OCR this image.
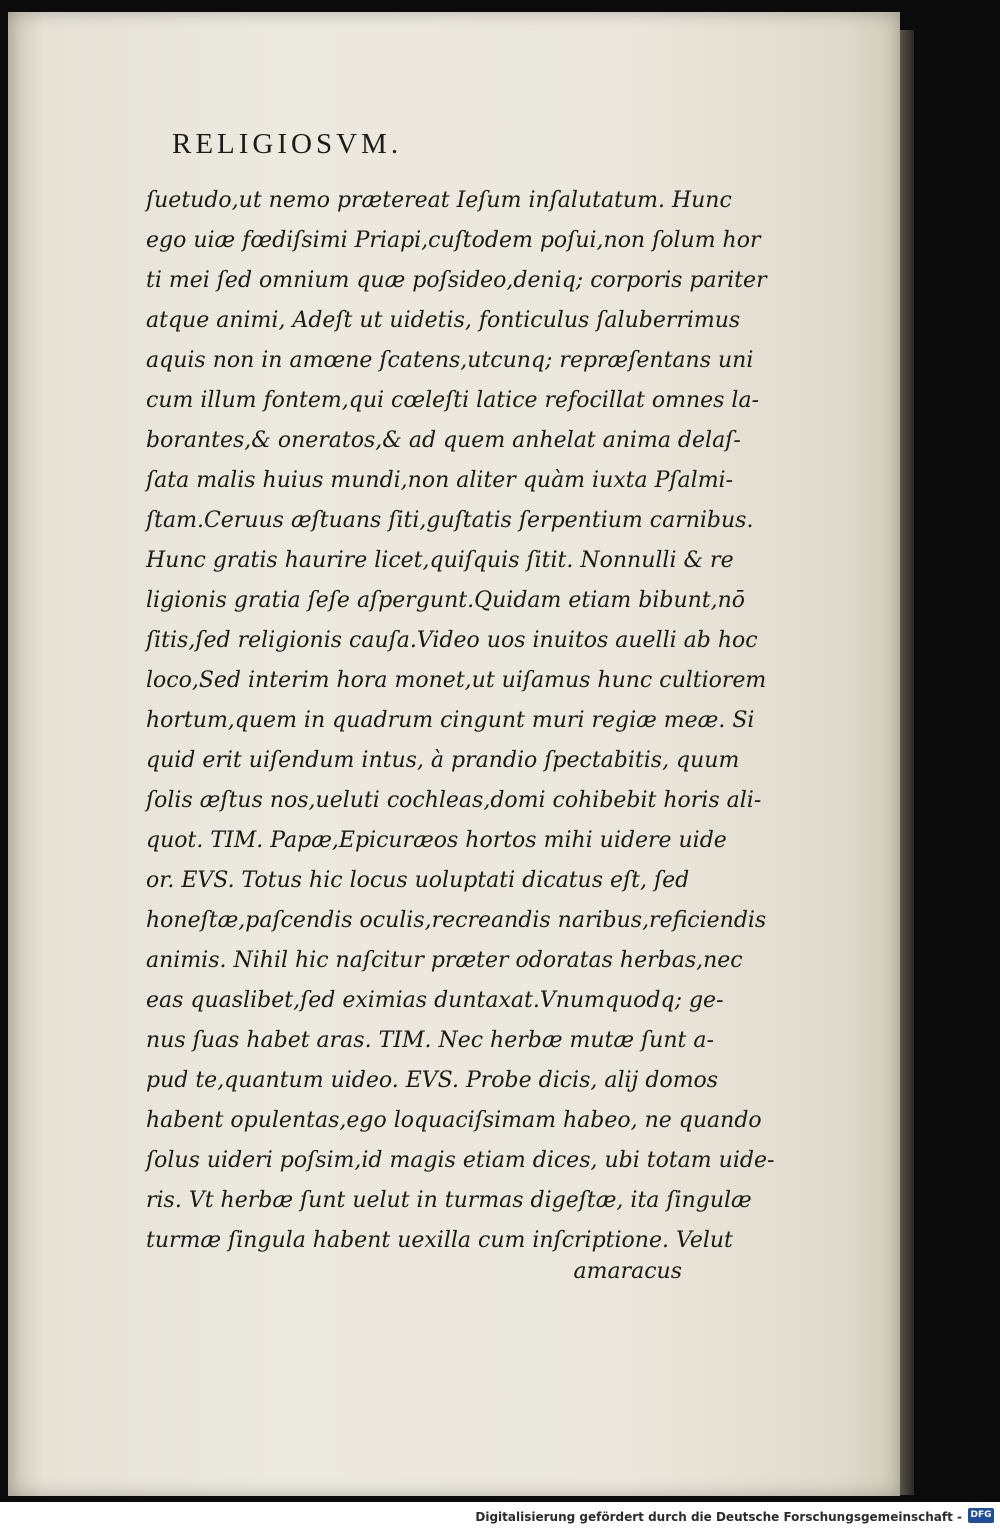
RELIGIOSVM.
ſuetudo,ut nemo prætereat Ieſum inſalutatum. Hunc
ego uiæ fœdiſsimi Priapi,cuſtodem poſui,non ſolum hor
ti mei ſed omnium quæ poſsideo,deniq; corporis pariter
atque animi, Adeſt ut uidetis, fonticulus ſaluberrimus
aquis non in amœne ſcatens,utcunq; repræſentans uni
cum illum fontem,qui cœleſti latice refocillat omnes la-
borantes,& oneratos,& ad quem anhelat anima delaſ-
ſata malis huius mundi,non aliter quàm iuxta Pſalmi-
ſtam.Ceruus æſtuans ſiti,guſtatis ſerpentium carnibus.
Hunc gratis haurire licet,quiſquis ſitit. Nonnulli & re
ligionis gratia ſeſe aſpergunt.Quidam etiam bibunt,nō
ſitis,ſed religionis cauſa.Video uos inuitos auelli ab hoc
loco,Sed interim hora monet,ut uiſamus hunc cultiorem
hortum,quem in quadrum cingunt muri regiæ meæ. Si
quid erit uiſendum intus, à prandio ſpectabitis, quum
ſolis æſtus nos,ueluti cochleas,domi cohibebit horis ali-
quot. TIM. Papæ,Epicuræos hortos mihi uidere uide
or. EVS. Totus hic locus uoluptati dicatus eſt, ſed
honeſtæ,paſcendis oculis,recreandis naribus,reficiendis
animis. Nihil hic naſcitur præter odoratas herbas,nec
eas quaslibet,ſed eximias duntaxat.Vnumquodq; ge-
nus ſuas habet aras. TIM. Nec herbæ mutæ ſunt a-
pud te,quantum uideo. EVS. Probe dicis, alij domos
habent opulentas,ego loquaciſsimam habeo, ne quando
ſolus uideri poſsim,id magis etiam dices, ubi totam uide-
ris. Vt herbæ ſunt uelut in turmas digeſtæ, ita ſingulæ
turmæ ſingula habent uexilla cum inſcriptione. Velut
amaracus
Digitalisierung gefördert durch die Deutsche Forschungsgemeinschaft - DFG
